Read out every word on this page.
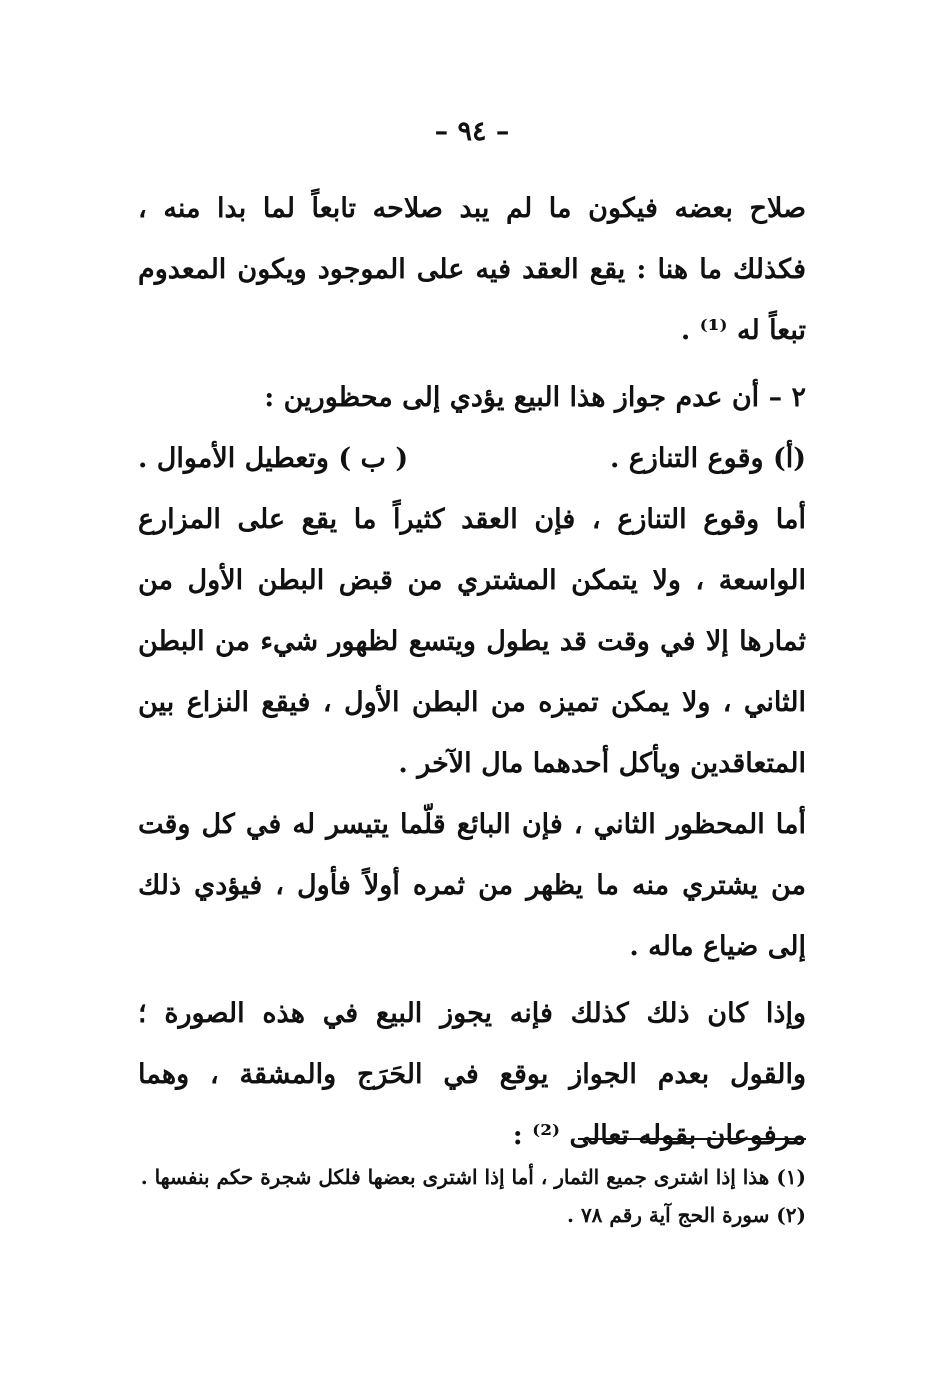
– ٩٤ –

صلاح بعضه فيكون ما لم يبد صلاحه تابعاً لما بدا منه ، فكذلك ما هنا : يقع العقد فيه على الموجود ويكون المعدوم تبعاً له ⁽¹⁾ .

٢ – أن عدم جواز هذا البيع يؤدي إلى محظورين :

(أ) وقوع التنازع .
( ب ) وتعطيل الأموال .

أما وقوع التنازع ، فإن العقد كثيراً ما يقع على المزارع الواسعة ، ولا يتمكن المشتري من قبض البطن الأول من ثمارها إلا في وقت قد يطول ويتسع لظهور شيء من البطن الثاني ، ولا يمكن تميزه من البطن الأول ، فيقع النزاع بين المتعاقدين ويأكل أحدهما مال الآخر .

أما المحظور الثاني ، فإن البائع قلّما يتيسر له في كل وقت من يشتري منه ما يظهر من ثمره أولاً فأول ، فيؤدي ذلك إلى ضياع ماله .

وإذا كان ذلك كذلك فإنه يجوز البيع في هذه الصورة ؛ والقول بعدم الجواز يوقع في الحَرَج والمشقة ، وهما مرفوعان بقوله تعالى ⁽²⁾ :

(١) هذا إذا اشترى جميع الثمار ، أما إذا اشترى بعضها فلكل شجرة حكم بنفسها .

(٢) سورة الحج آية رقم ٧٨ .
